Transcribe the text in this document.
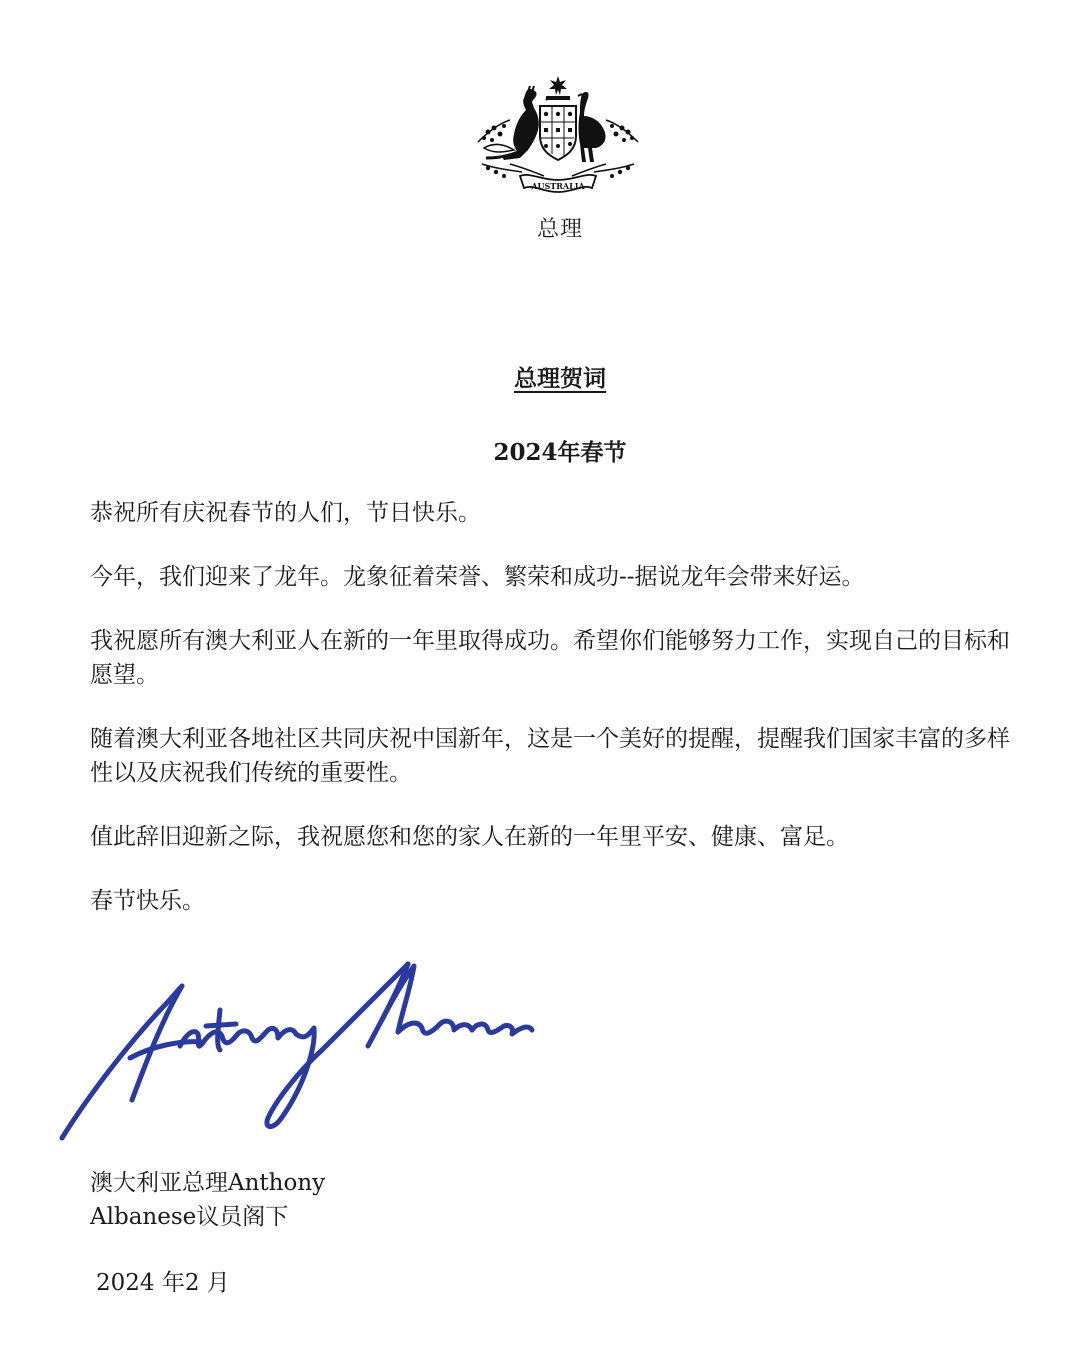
AUSTRALIA
总理
总理贺词
2024年春节

恭祝所有庆祝春节的人们，节日快乐。

今年，我们迎来了龙年。龙象征着荣誉、繁荣和成功--据说龙年会带来好运。

我祝愿所有澳大利亚人在新的一年里取得成功。希望你们能够努力工作，实现自己的目标和愿望。

随着澳大利亚各地社区共同庆祝中国新年，这是一个美好的提醒，提醒我们国家丰富的多样性以及庆祝我们传统的重要性。

值此辞旧迎新之际，我祝愿您和您的家人在新的一年里平安、健康、富足。

春节快乐。

澳大利亚总理Anthony
Albanese议员阁下
2024 年2 月
